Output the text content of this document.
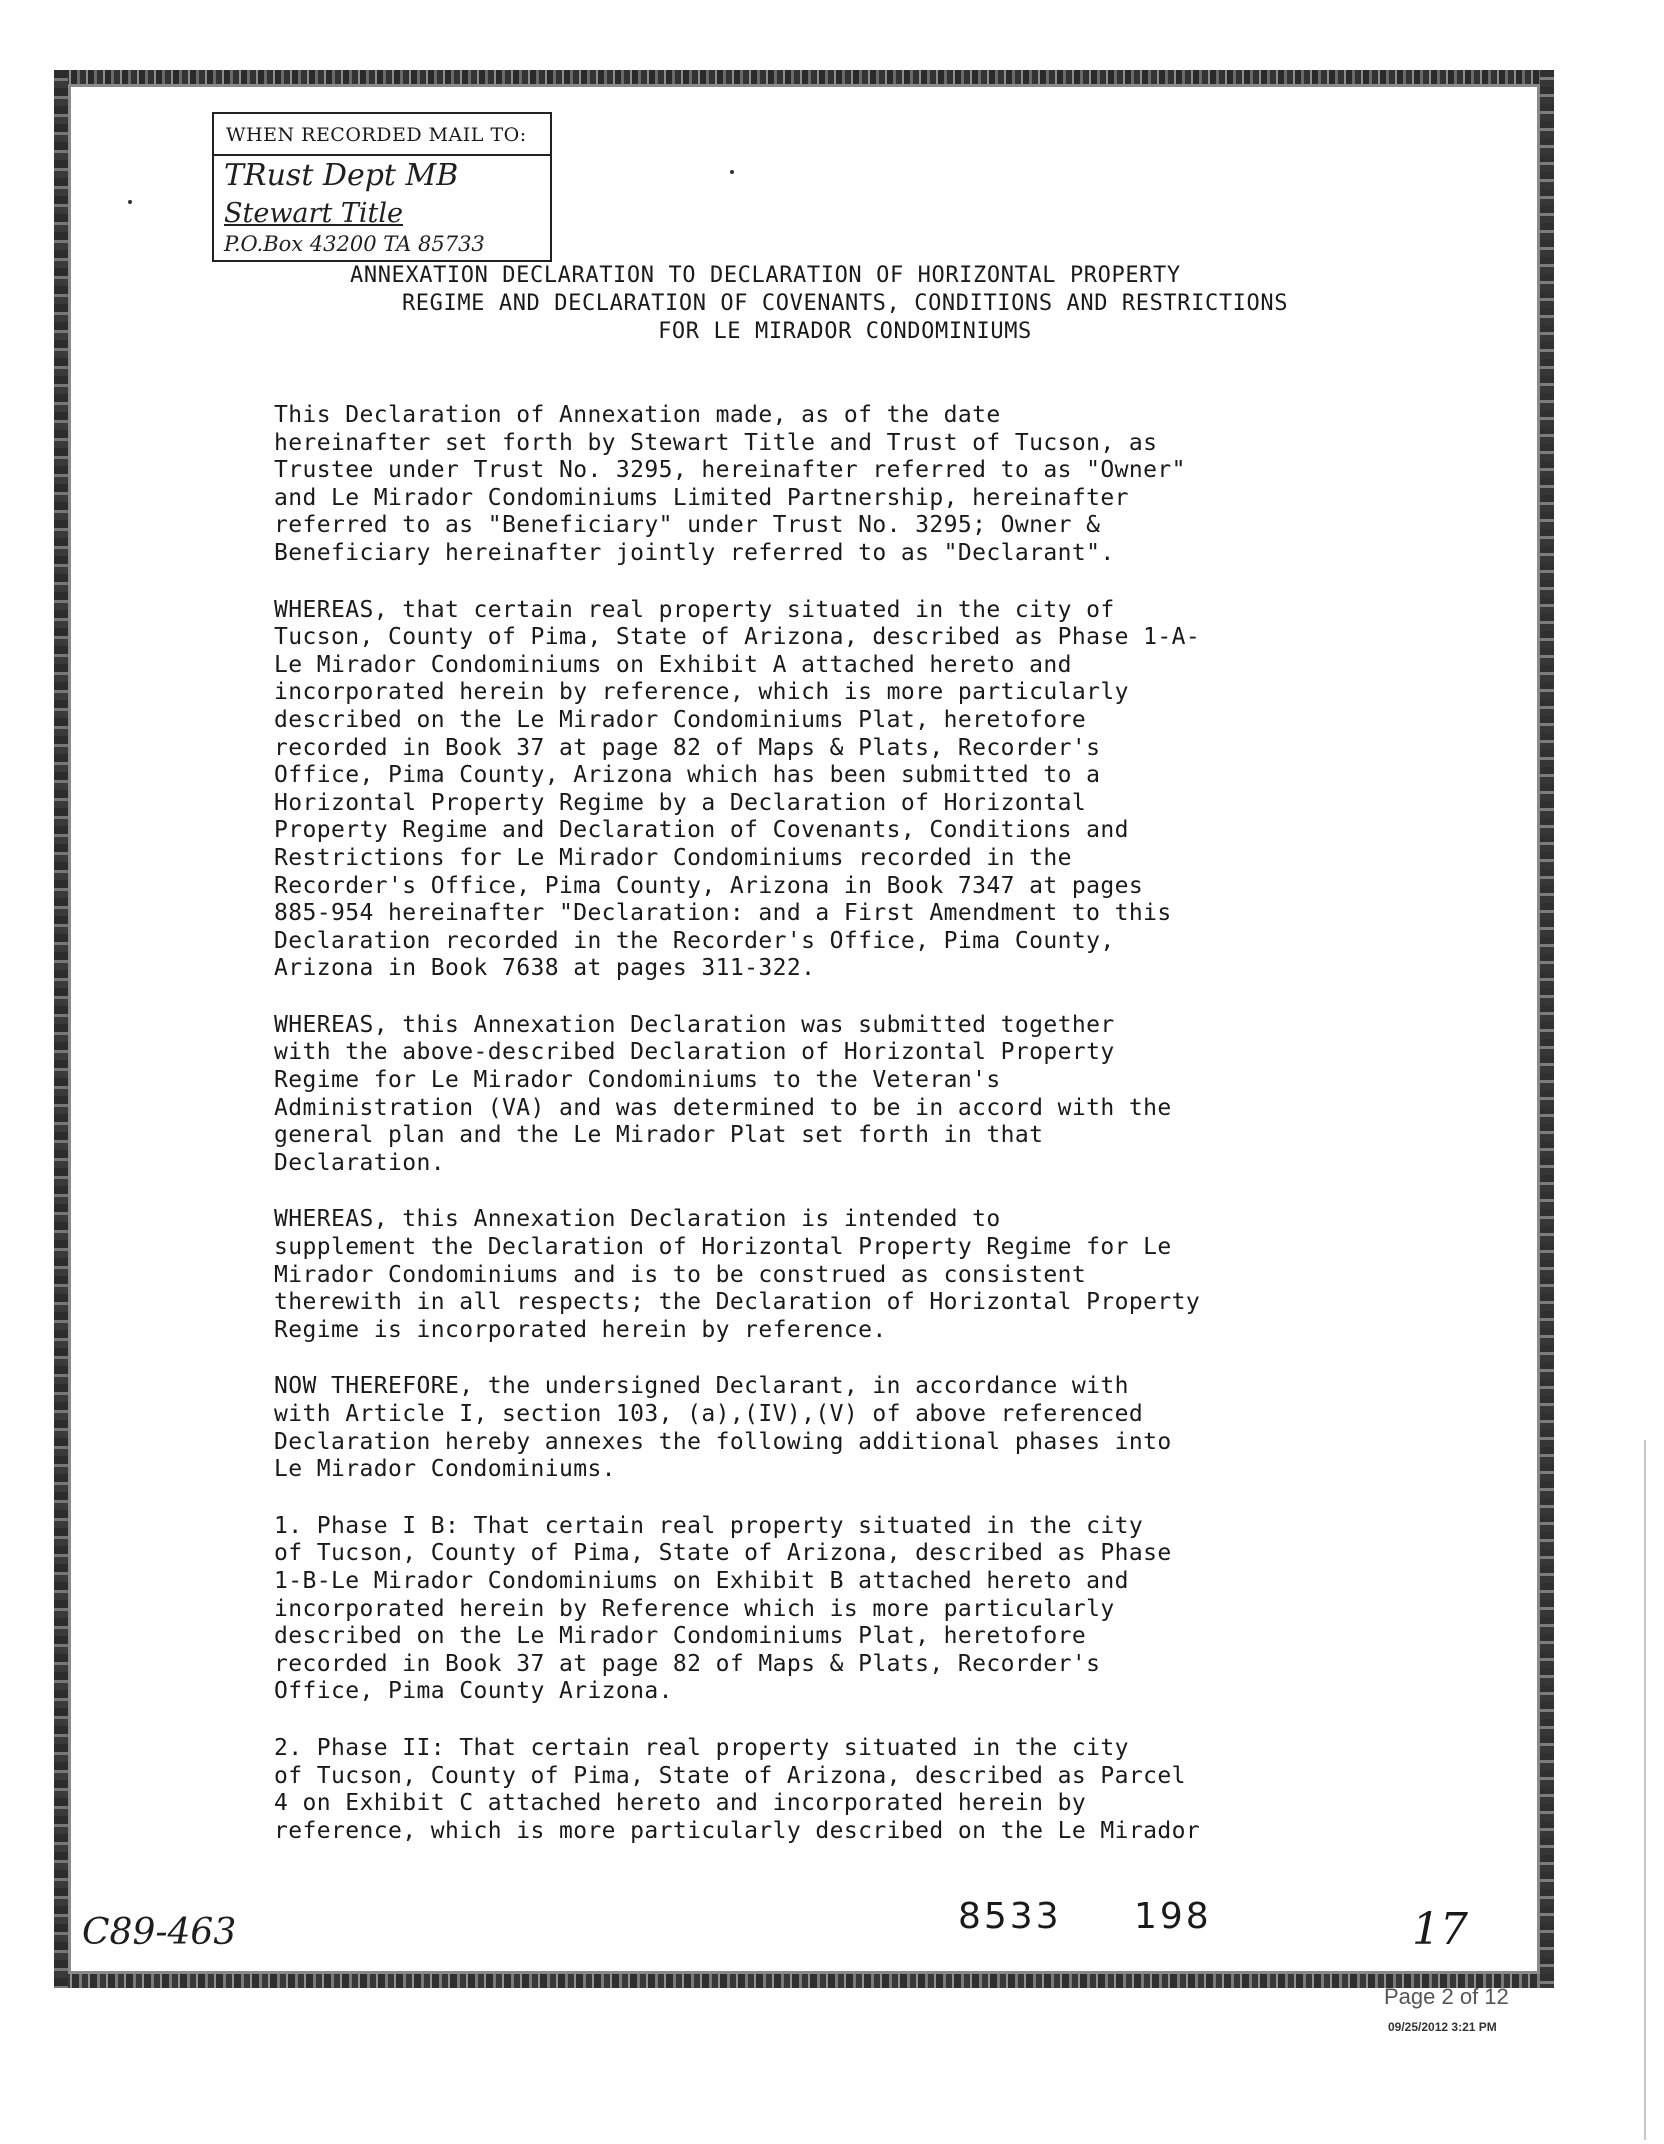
WHEN RECORDED MAIL TO:
TRust Dept MB
Stewart Title
P.O.Box 43200 TA 85733
ANNEXATION DECLARATION TO DECLARATION OF HORIZONTAL PROPERTY
REGIME AND DECLARATION OF COVENANTS, CONDITIONS AND RESTRICTIONS
FOR LE MIRADOR CONDOMINIUMS
This Declaration of Annexation made, as of the date
hereinafter set forth by Stewart Title and Trust of Tucson, as
Trustee under Trust No. 3295, hereinafter referred to as "Owner"
and Le Mirador Condominiums Limited Partnership, hereinafter
referred to as "Beneficiary" under Trust No. 3295; Owner &
Beneficiary hereinafter jointly referred to as "Declarant".
WHEREAS, that certain real property situated in the city of
Tucson, County of Pima, State of Arizona, described as Phase 1-A-
Le Mirador Condominiums on Exhibit A attached hereto and
incorporated herein by reference, which is more particularly
described on the Le Mirador Condominiums Plat, heretofore
recorded in Book 37 at page 82 of Maps & Plats, Recorder's
Office, Pima County, Arizona which has been submitted to a
Horizontal Property Regime by a Declaration of Horizontal
Property Regime and Declaration of Covenants, Conditions and
Restrictions for Le Mirador Condominiums recorded in the
Recorder's Office, Pima County, Arizona in Book 7347 at pages
885-954 hereinafter "Declaration: and a First Amendment to this
Declaration recorded in the Recorder's Office, Pima County,
Arizona in Book 7638 at pages 311-322.
WHEREAS, this Annexation Declaration was submitted together
with the above-described Declaration of Horizontal Property
Regime for Le Mirador Condominiums to the Veteran's
Administration (VA) and was determined to be in accord with the
general plan and the Le Mirador Plat set forth in that
Declaration.
WHEREAS, this Annexation Declaration is intended to
supplement the Declaration of Horizontal Property Regime for Le
Mirador Condominiums and is to be construed as consistent
therewith in all respects; the Declaration of Horizontal Property
Regime is incorporated herein by reference.
NOW THEREFORE, the undersigned Declarant, in accordance with
with Article I, section 103, (a),(IV),(V) of above referenced
Declaration hereby annexes the following additional phases into
Le Mirador Condominiums.
1. Phase I B: That certain real property situated in the city
of Tucson, County of Pima, State of Arizona, described as Phase
1-B-Le Mirador Condominiums on Exhibit B attached hereto and
incorporated herein by Reference which is more particularly
described on the Le Mirador Condominiums Plat, heretofore
recorded in Book 37 at page 82 of Maps & Plats, Recorder's
Office, Pima County Arizona.
2. Phase II: That certain real property situated in the city
of Tucson, County of Pima, State of Arizona, described as Parcel
4 on Exhibit C attached hereto and incorporated herein by
reference, which is more particularly described on the Le Mirador
C89-463	8533 198	17
Page 2 of 12
09/25/2012 3:21 PM
